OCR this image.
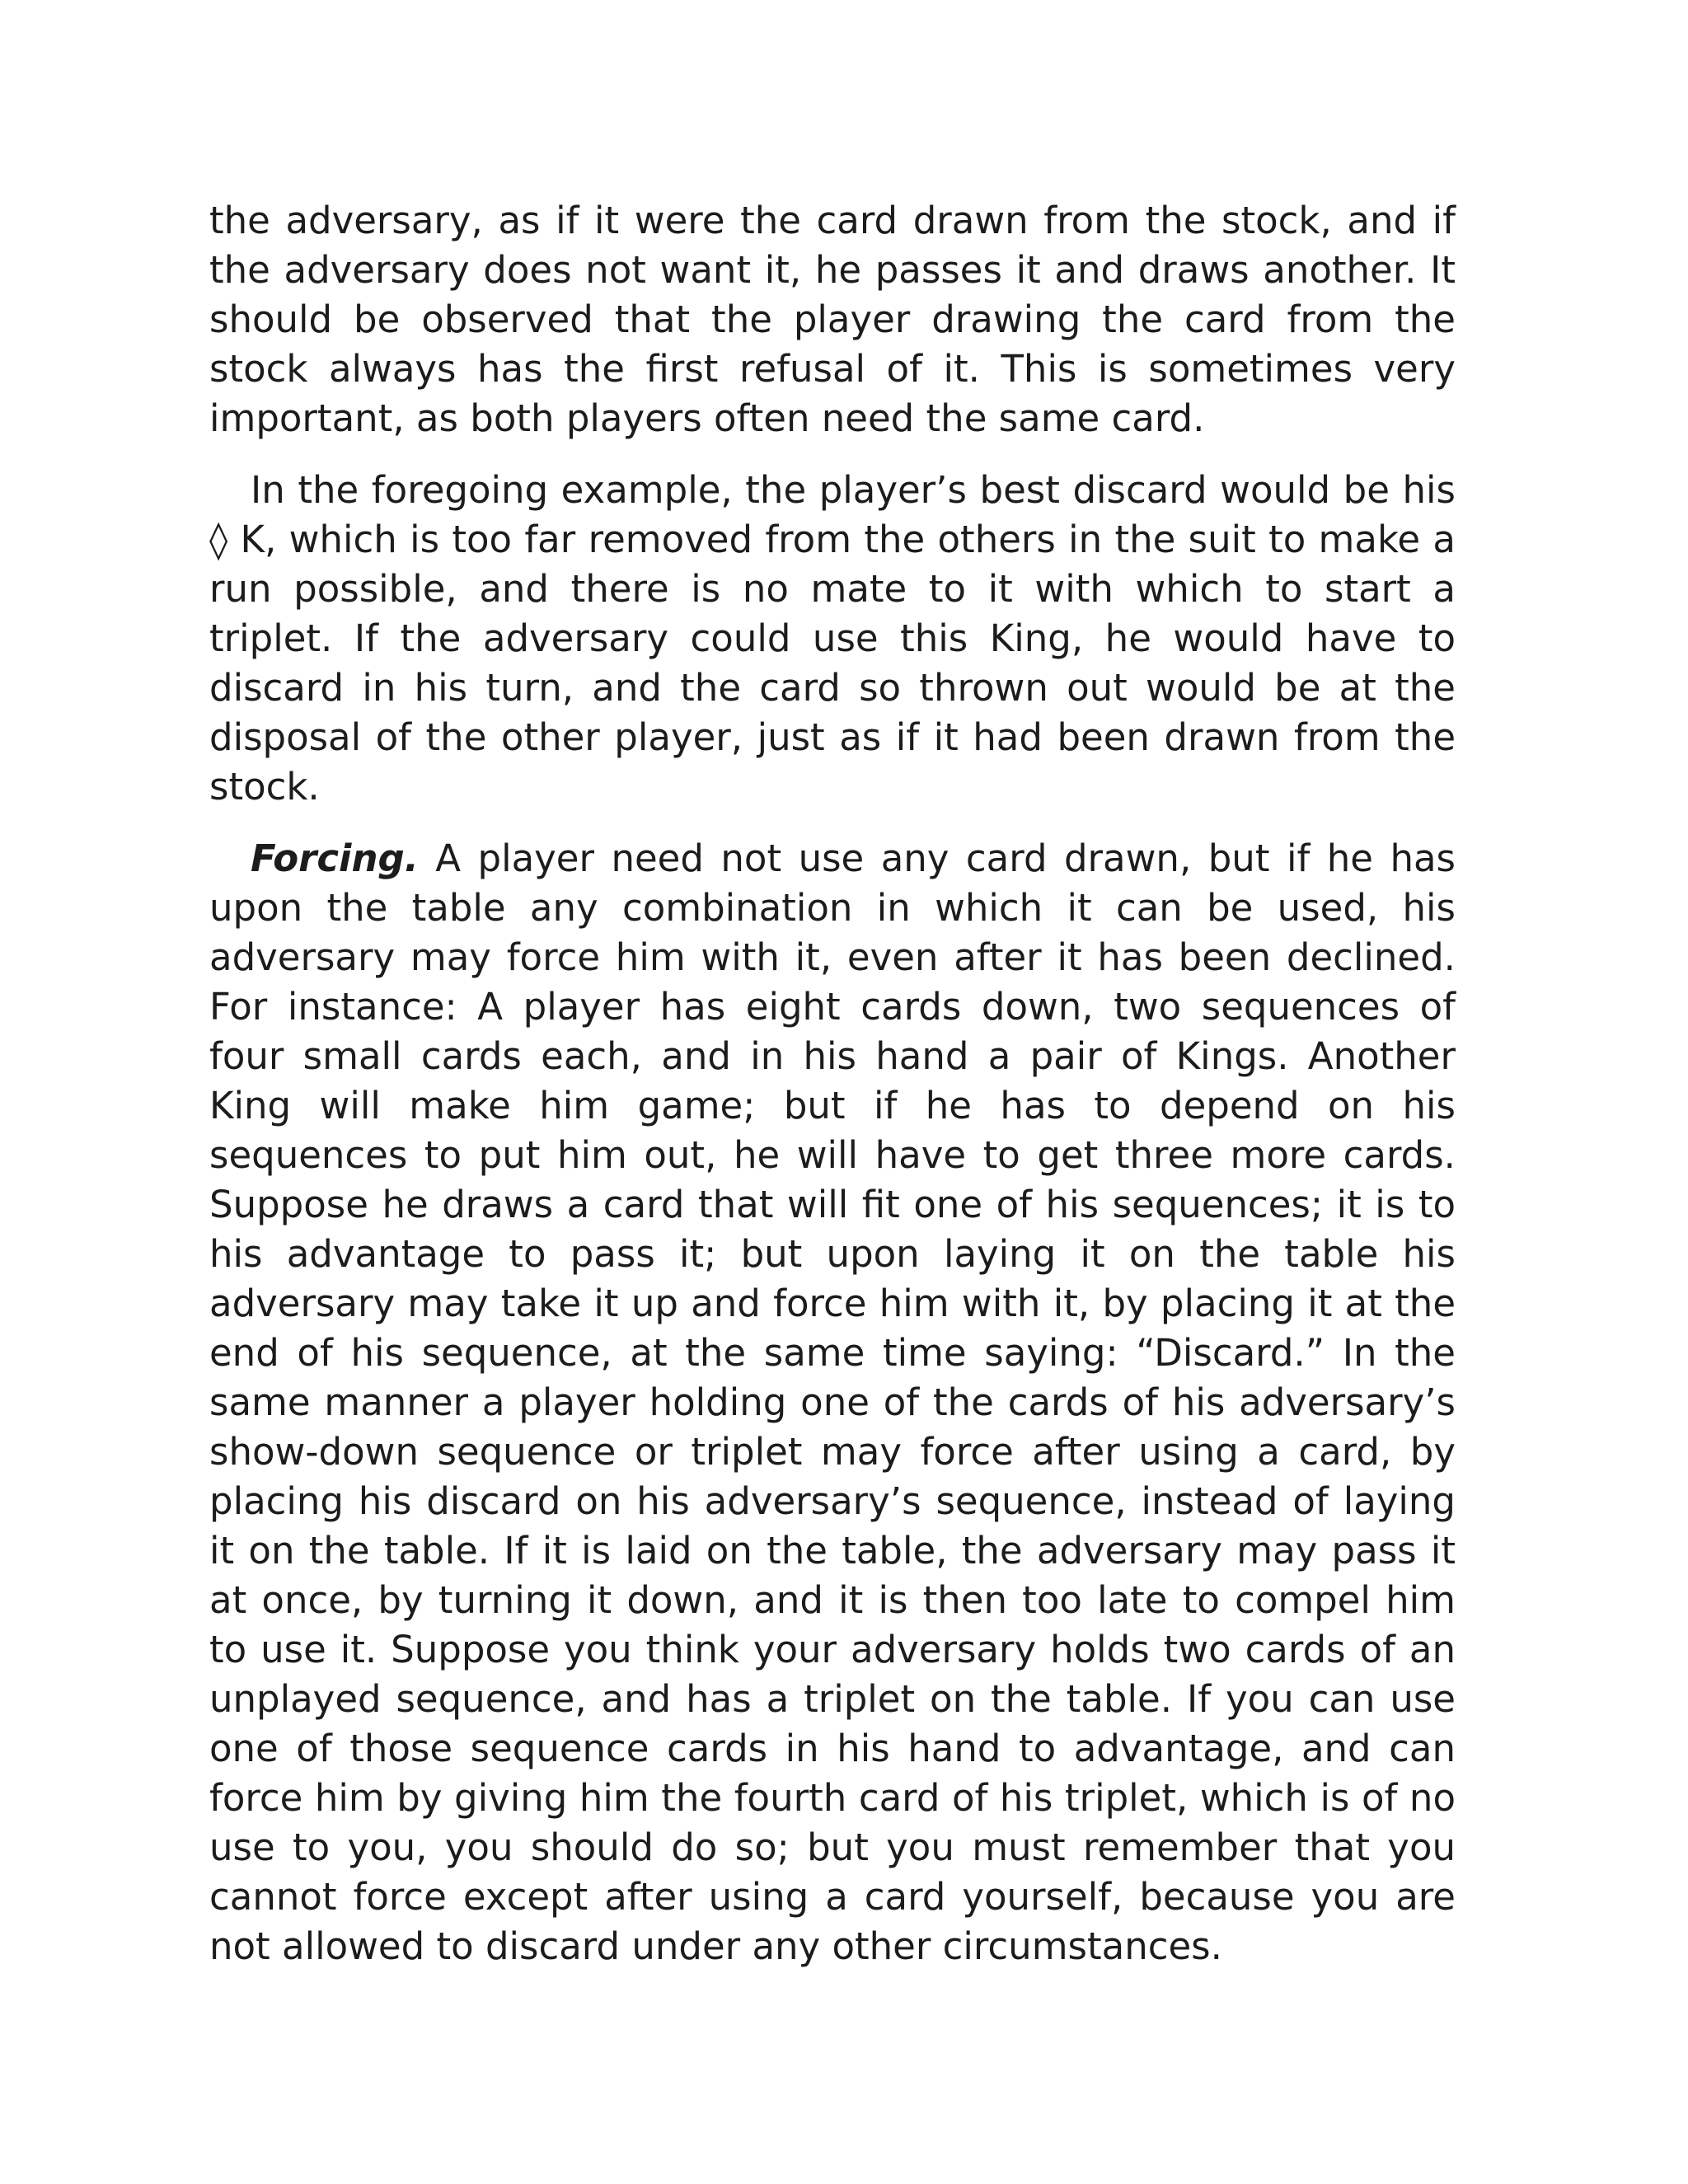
the adversary, as if it were the card drawn from the stock, and if the adversary does not want it, he passes it and draws another. It should be observed that the player drawing the card from the stock always has the first refusal of it. This is sometimes very important, as both players often need the same card.

In the foregoing example, the player’s best discard would be his ◊ K, which is too far removed from the others in the suit to make a run possible, and there is no mate to it with which to start a triplet. If the adversary could use this King, he would have to discard in his turn, and the card so thrown out would be at the disposal of the other player, just as if it had been drawn from the stock.

Forcing. A player need not use any card drawn, but if he has upon the table any combination in which it can be used, his adversary may force him with it, even after it has been declined. For instance: A player has eight cards down, two sequences of four small cards each, and in his hand a pair of Kings. Another King will make him game; but if he has to depend on his sequences to put him out, he will have to get three more cards. Suppose he draws a card that will fit one of his sequences; it is to his advantage to pass it; but upon laying it on the table his adversary may take it up and force him with it, by placing it at the end of his sequence, at the same time saying: “Discard.” In the same manner a player holding one of the cards of his adversary’s show-down sequence or triplet may force after using a card, by placing his discard on his adversary’s sequence, instead of laying it on the table. If it is laid on the table, the adversary may pass it at once, by turning it down, and it is then too late to compel him to use it. Suppose you think your adversary holds two cards of an unplayed sequence, and has a triplet on the table. If you can use one of those sequence cards in his hand to advantage, and can force him by giving him the fourth card of his triplet, which is of no use to you, you should do so; but you must remember that you cannot force except after using a card yourself, because you are not allowed to discard under any other circumstances.
